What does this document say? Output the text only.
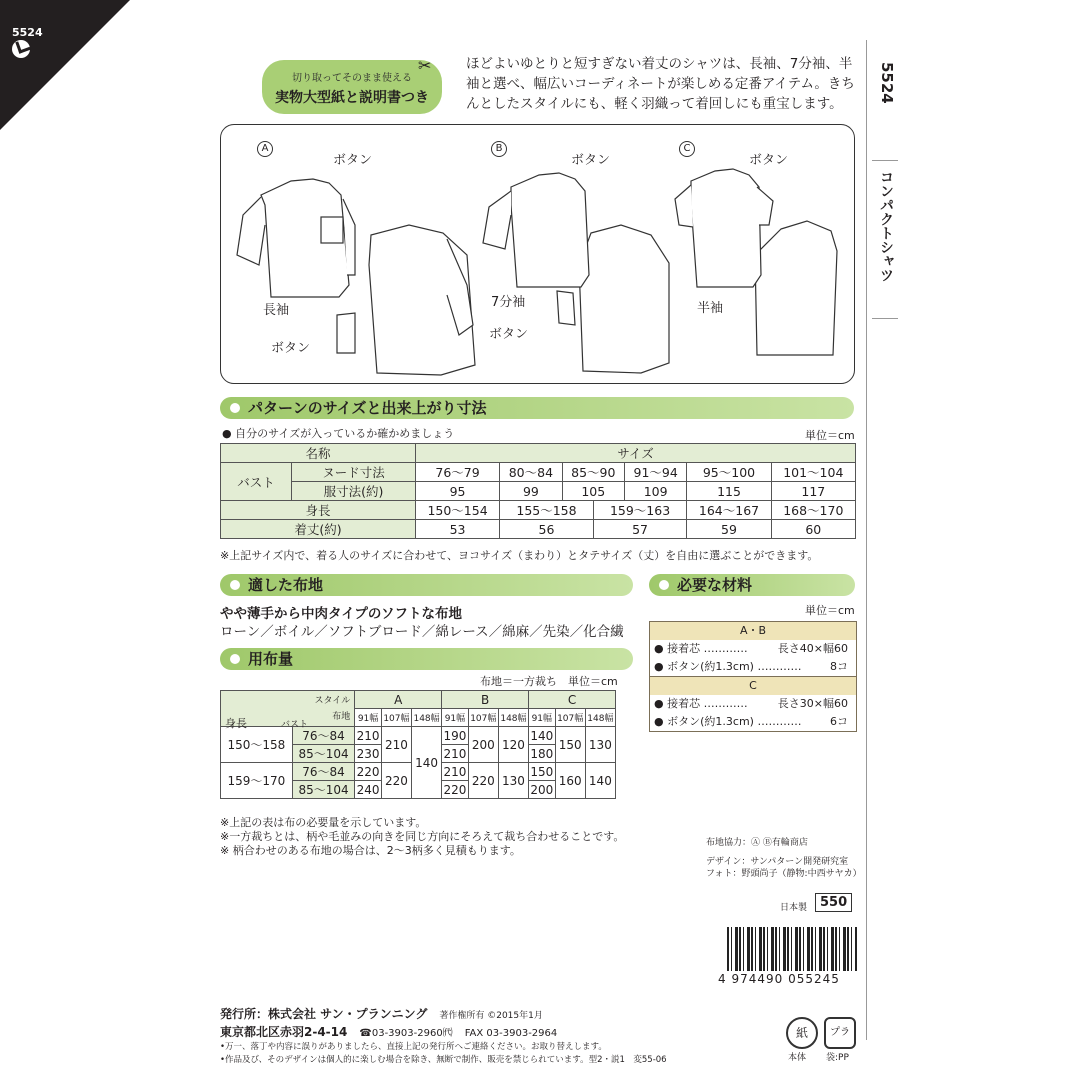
5524
切り取ってそのまま使える
実物大型紙と説明書つき
✂	ほどよいゆとりと短すぎない着丈のシャツは、長袖、7分袖、半袖と選べ、幅広いコーディネートが楽しめる定番アイテム。きちんとしたスタイルにも、軽く羽織って着回しにも重宝します。
5524
コンパクトシャツ
A
ボタン
長袖
ボタン
B
ボタン
7分袖
ボタン
C
ボタン
半袖
パターンのサイズと出来上がり寸法
● 自分のサイズが入っているか確かめましょう	単位＝cm
名称		サイズ						
バスト	ヌード寸法	76〜79	80〜84	85〜90		91〜94	95〜100	101〜104
	服寸法(約)	95	99	105		109	115	117
身長		150〜154	155〜158		159〜163		164〜167	168〜170
着丈(約)		53	56		57		59	60
※上記サイズ内で、着る人のサイズに合わせて、ヨコサイズ（まわり）とタテサイズ（丈）を自由に選ぶことができます。
適した布地
やや薄手から中肉タイプのソフトな布地
ローン／ボイル／ソフトブロード／綿レース／綿麻／先染／化合繊
必要な材料
単位＝cm
A・B
● 接着芯 …………	長さ40×幅60
● ボタン(約1.3cm) …………	8コ
C
● 接着芯 …………	長さ30×幅60
● ボタン(約1.3cm) …………	6コ
用布量
布地＝一方裁ち　単位＝cm
スタイル
布地
バスト
身長		A			B			C		
		91幅	107幅	148幅	91幅	107幅	148幅	91幅	107幅	148幅
150〜158	76〜84	210	210	140	190	200	120	140	150	130
	85〜104	230			210			180		
159〜170	76〜84	220	220		210	220	130	150	160	140
	85〜104	240			220			200		
※上記の表は布の必要量を示しています。
※一方裁ちとは、柄や毛並みの向きを同じ方向にそろえて裁ち合わせることです。
※ 柄合わせのある布地の場合は、2〜3柄多く見積もります。
布地協力：Ⓐ Ⓑ有輪商店
デザイン：サンパターン開発研究室
フォト：野頭尚子（静物:中西サヤカ）
日本製 550
4 974490 055245
発行所：株式会社 サン・プランニング　 著作権所有 ©2015年1月
東京都北区赤羽2-4-14　 ☎03-3903-2960㈹　 FAX 03-3903-2964
•万一、落丁や内容に誤りがありましたら、直接上記の発行所へご連絡ください。お取り替えします。
•作品及び、そのデザインは個人的に楽しむ場合を除き、無断で制作、販売を禁じられています。型2・説1　変55-06
紙
本体
プラ
袋:PP
